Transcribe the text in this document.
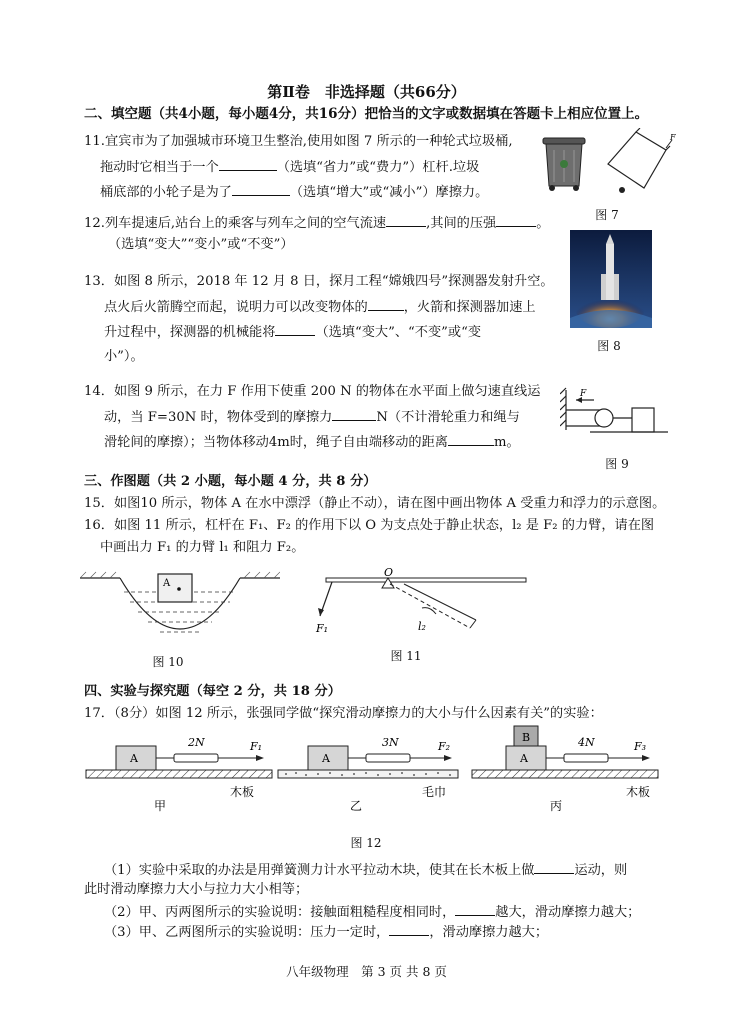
第Ⅱ卷　非选择题（共66分）
二、填空题（共4小题，每小题4分，共16分）把恰当的文字或数据填在答题卡上相应位置上。
11.宜宾市为了加强城市环境卫生整治,使用如图 7 所示的一种轮式垃圾桶,
拖动时它相当于一个	（选填“省力”或“费力”）杠杆.垃圾
桶底部的小轮子是为了	（选填“增大”或“减小”）摩擦力。
F
图 7
12.列车提速后,站台上的乘客与列车之间的空气流速	,其间的压强	。
（选填“变大”“变小”或“不变”）
13．如图 8 所示，2018 年 12 月 8 日，探月工程“嫦娥四号”探测器发射升空。
点火后火箭腾空而起，说明力可以改变物体的	，火箭和探测器加速上
升过程中，探测器的机械能将	（选填“变大”、“不变”或“变
小”）。
图 8
14．如图 9 所示，在力 F 作用下使重 200 N 的物体在水平面上做匀速直线运
动，当 F=30N 时，物体受到的摩擦力	N（不计滑轮重力和绳与
滑轮间的摩擦）；当物体移动4m时，绳子自由端移动的距离	m。
F
图 9
三、作图题（共 2 小题，每小题 4 分，共 8 分）
15．如图10 所示，物体 A 在水中漂浮（静止不动），请在图中画出物体 A 受重力和浮力的示意图。
16．如图 11 所示，杠杆在 F₁、F₂ 的作用下以 O 为支点处于静止状态，l₂ 是 F₂ 的力臂，请在图
中画出力 F₁ 的力臂 l₁ 和阻力 F₂。
A
图 10
O
F₁	l₂
图 11
四、实验与探究题（每空 2 分，共 18 分）
17．（8分）如图 12 所示，张强同学做“探究滑动摩擦力的大小与什么因素有关”的实验：
A
2N	F₁
甲
木板
A
3N	F₂
乙
毛巾
A
B	4N	F₃
丙
木板
图 12
（1）实验中采取的办法是用弹簧测力计水平拉动木块，使其在长木板上做	运动，则
此时滑动摩擦力大小与拉力大小相等；
（2）甲、丙两图所示的实验说明：接触面粗糙程度相同时，	越大，滑动摩擦力越大；
（3）甲、乙两图所示的实验说明：压力一定时，	，滑动摩擦力越大；
八年级物理　第 3 页 共 8 页
